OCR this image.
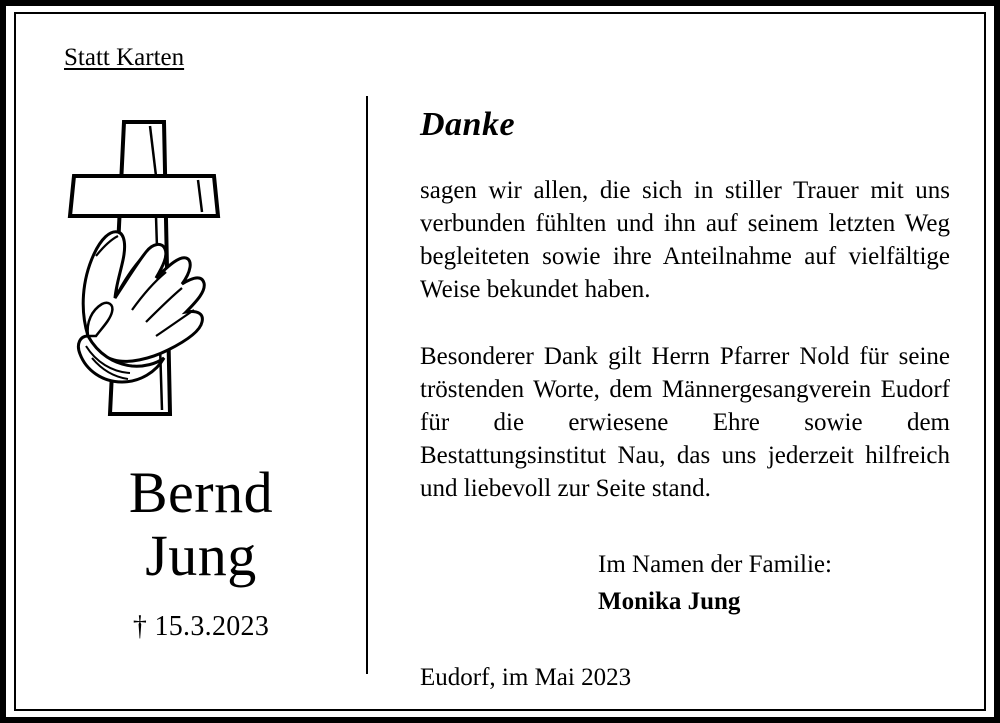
Statt Karten
Bernd
Jung
† 15.3.2023
Danke
sagen wir allen, die sich in stiller Trauer mit uns verbunden fühlten und ihn auf seinem letzten Weg begleiteten sowie ihre Anteilnahme auf vielfältige Weise bekundet haben.
Besonderer Dank gilt Herrn Pfarrer Nold für seine tröstenden Worte, dem Männergesangverein Eudorf für die erwiesene Ehre sowie dem Bestattungsinstitut Nau, das uns jederzeit hilfreich und liebevoll zur Seite stand.
Im Namen der Familie:
Monika Jung
Eudorf, im Mai 2023
